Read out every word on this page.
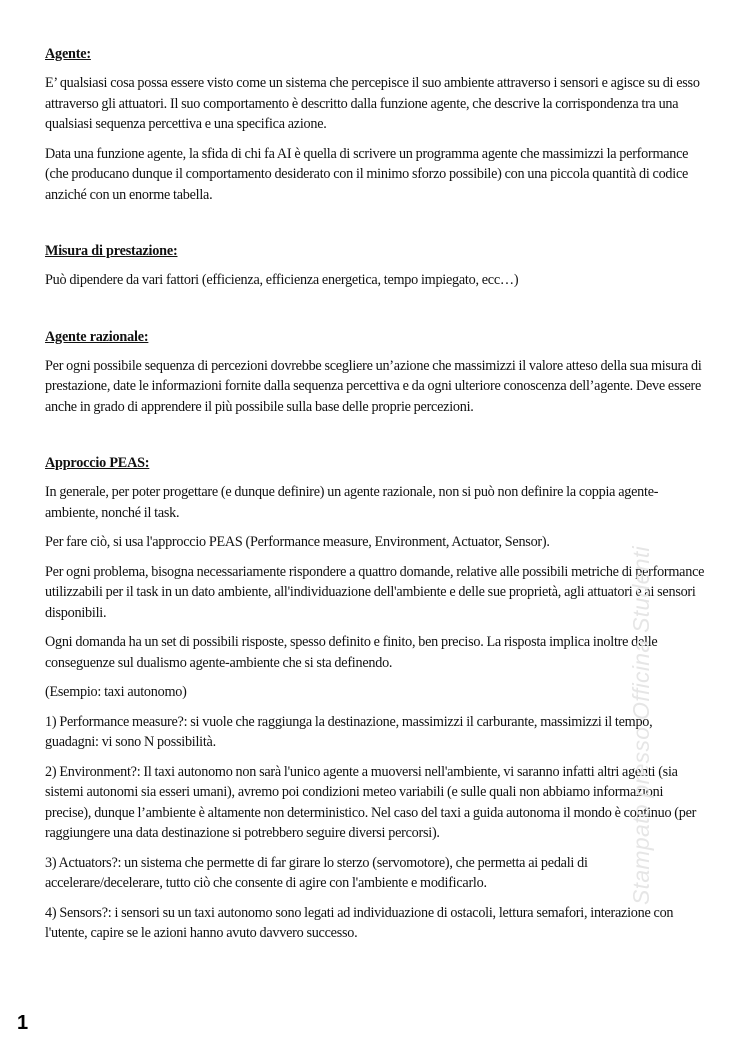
Agente:

E’ qualsiasi cosa possa essere visto come un sistema che percepisce il suo ambiente attraverso i sensori e agisce su di esso attraverso gli attuatori. Il suo comportamento è descritto dalla funzione agente, che descrive la corrispondenza tra una qualsiasi sequenza percettiva e una specifica azione.

Data una funzione agente, la sfida di chi fa AI è quella di scrivere un programma agente che massimizzi la performance (che producano dunque il comportamento desiderato con il minimo sforzo possibile) con una piccola quantità di codice anziché con un enorme tabella.

Misura di prestazione:

Può dipendere da vari fattori (efficienza, efficienza energetica, tempo impiegato, ecc…)

Agente razionale:

Per ogni possibile sequenza di percezioni dovrebbe scegliere un’azione che massimizzi il valore atteso della sua misura di prestazione, date le informazioni fornite dalla sequenza percettiva e da ogni ulteriore conoscenza dell’agente. Deve essere anche in grado di apprendere il più possibile sulla base delle proprie percezioni.

Approccio PEAS:

In generale, per poter progettare (e dunque definire) un agente razionale, non si può non definire la coppia agente-ambiente, nonché il task.

Per fare ciò, si usa l'approccio PEAS (Performance measure, Environment, Actuator, Sensor).

Per ogni problema, bisogna necessariamente rispondere a quattro domande, relative alle possibili metriche di performance utilizzabili per il task in un dato ambiente, all'individuazione dell'ambiente e delle sue proprietà, agli attuatori e ai sensori disponibili.

Ogni domanda ha un set di possibili risposte, spesso definito e finito, ben preciso. La risposta implica inoltre delle conseguenze sul dualismo agente-ambiente che si sta definendo.

(Esempio: taxi autonomo)

1) Performance measure?: si vuole che raggiunga la destinazione, massimizzi il carburante, massimizzi il tempo, guadagni: vi sono N possibilità.

2) Environment?: Il taxi autonomo non sarà l'unico agente a muoversi nell'ambiente, vi saranno infatti altri agenti (sia sistemi autonomi sia esseri umani), avremo poi condizioni meteo variabili (e sulle quali non abbiamo informazioni precise), dunque l’ambiente è altamente non deterministico. Nel caso del taxi a guida autonoma il mondo è continuo (per raggiungere una data destinazione si potrebbero seguire diversi percorsi).

3) Actuators?: un sistema che permette di far girare lo sterzo (servomotore), che permetta ai pedali di accelerare/decelerare, tutto ciò che consente di agire con l'ambiente e modificarlo.

4) Sensors?: i sensori su un taxi autonomo sono legati ad individuazione di ostacoli, lettura semafori, interazione con l'utente, capire se le azioni hanno avuto davvero successo.

Stampato presso Officina Studenti
1
